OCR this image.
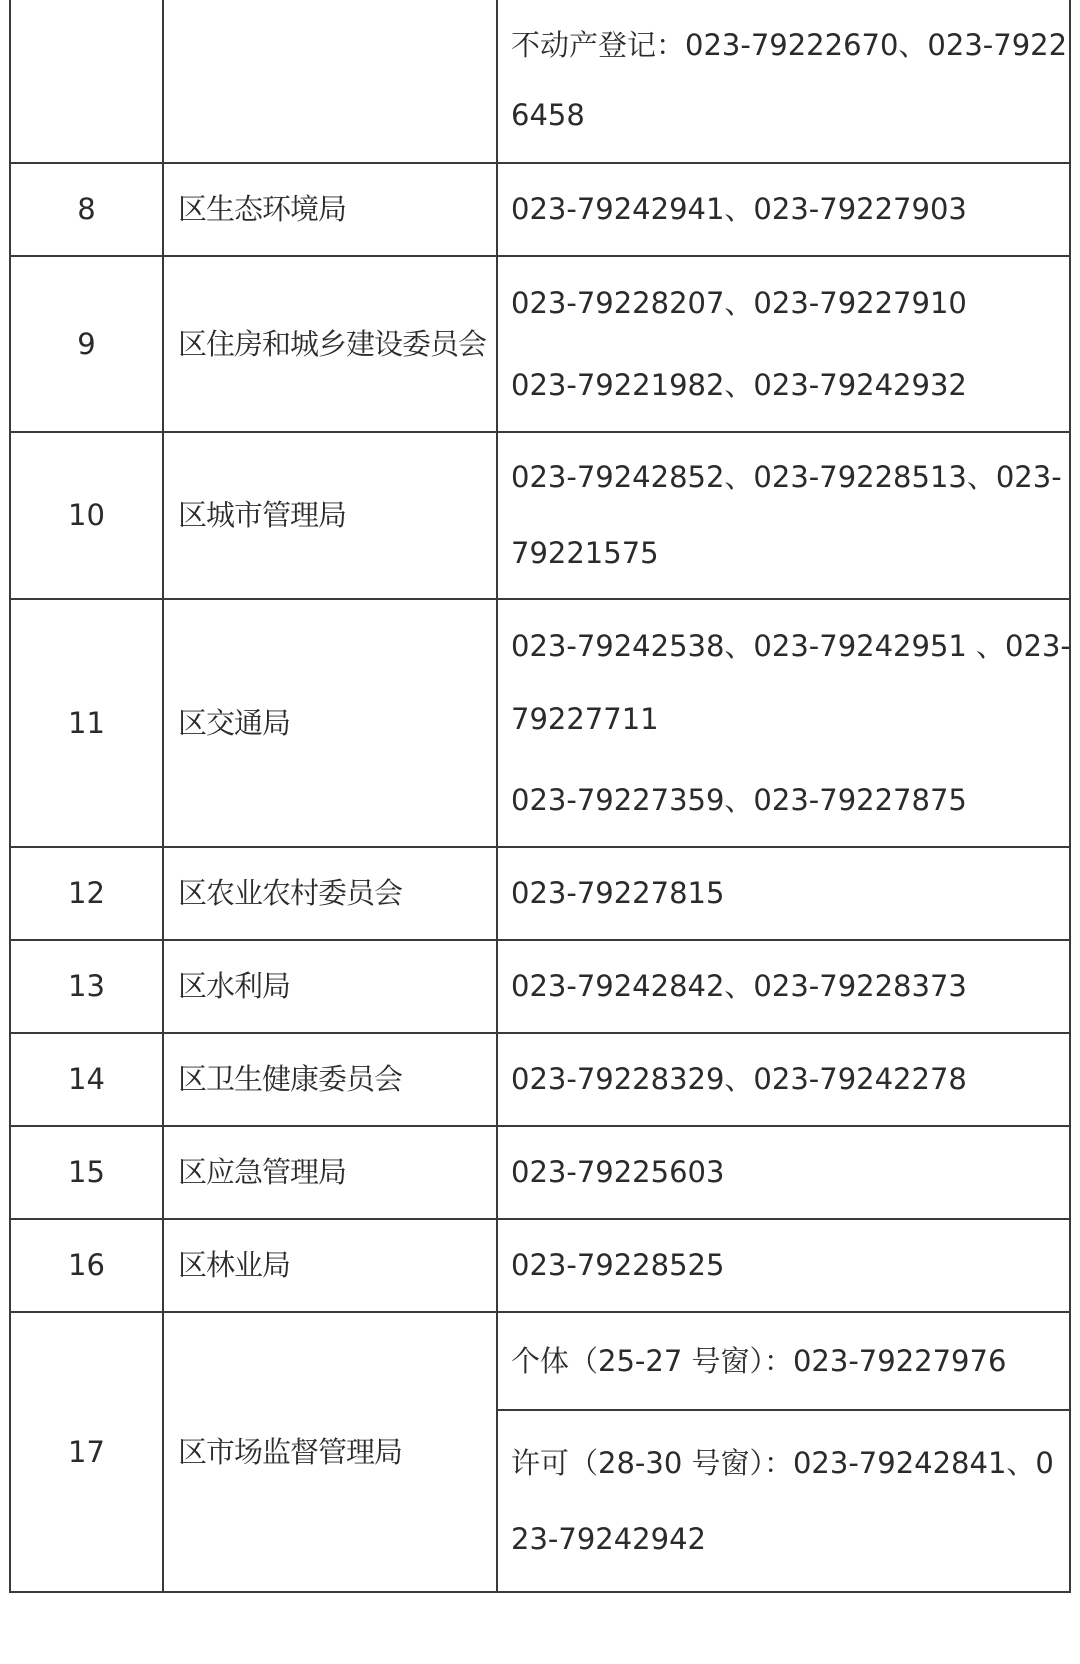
		不动产登记：023-79222670、023-7922
6458

8	区生态环境局	023-79242941、023-79227903

9	区住房和城乡建设委员会	023-79228207、023-79227910
023-79221982、023-79242932

10	区城市管理局	023-79242852、023-79228513、023-
79221575

11	区交通局	023-79242538、023-79242951 、023-
79227711
023-79227359、023-79227875

12	区农业农村委员会	023-79227815

13	区水利局	023-79242842、023-79228373

14	区卫生健康委员会	023-79228329、023-79242278

15	区应急管理局	023-79225603

16	区林业局	023-79228525

17	区市场监督管理局	个体（25-27 号窗）：023-79227976

		许可（28-30 号窗）：023-79242841、0
23-79242942
